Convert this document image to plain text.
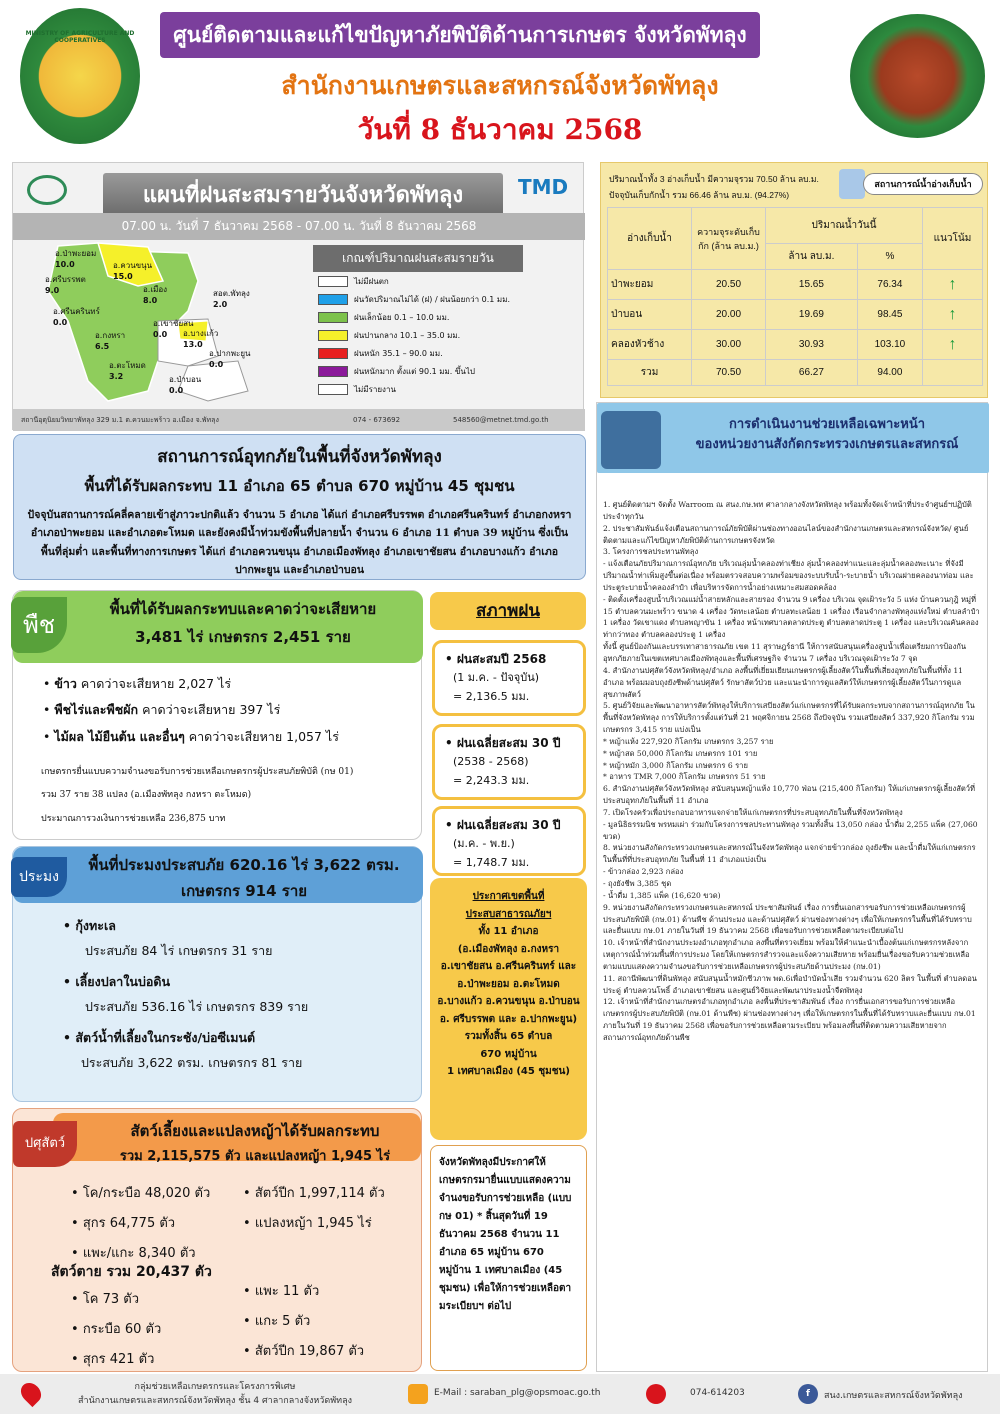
MINISTRY OF AGRICULTURE AND COOPERATIVES	ศูนย์ติดตามและแก้ไขปัญหาภัยพิบัติด้านการเกษตร จังหวัดพัทลุง
สำนักงานเกษตรและสหกรณ์จังหวัดพัทลุง
วันที่ 8 ธันวาคม 2568
แผนที่ฝนสะสมรายวันจังหวัดพัทลุง	TMD
07.00 น. วันที่ 7 ธันวาคม 2568 - 07.00 น. วันที่ 8 ธันวาคม 2568
อ.ป่าพะยอม
10.0	อ.ควนขนุน
15.0
อ.ศรีบรรพต
9.0	อ.เมือง
8.0
สอต.พัทลุง
2.0
อ.ศรีนครินทร์
0.0	อ.เขาชัยสน
0.0
อ.กงหรา
6.5
อ.บางแก้ว
13.0
อ.ปากพะยูน
0.0
อ.ตะโหมด
3.2	อ.ป่าบอน
0.0
เกณฑ์ปริมาณฝนสะสมรายวัน
ไม่มีฝนตก
ฝนวัดปริมาณไม่ได้ (ฝ) / ฝนน้อยกว่า 0.1 มม.
ฝนเล็กน้อย 0.1 – 10.0 มม.
ฝนปานกลาง 10.1 – 35.0 มม.
ฝนหนัก 35.1 – 90.0 มม.
ฝนหนักมาก ตั้งแต่ 90.1 มม. ขึ้นไป
ไม่มีรายงาน
สถานีอุตุนิยมวิทยาพัทลุง 329 ม.1 ต.ควนมะพร้าว อ.เมือง จ.พัทลุง	074 - 673692	548560@metnet.tmd.go.th
ปริมาณน้ำทั้ง 3 อ่างเก็บน้ำ มีความจุรวม 70.50 ล้าน ลบ.ม.
ปัจจุบันเก็บกักน้ำ รวม 66.46 ล้าน ลบ.ม. (94.27%)
สถานการณ์น้ำอ่างเก็บน้ำ
อ่างเก็บน้ำ	ความจุระดับเก็บกัก (ล้าน ลบ.ม.)	ปริมาณน้ำวันนี้		แนวโน้ม
		ล้าน ลบ.ม.	%	
ป่าพะยอม	20.50	15.65	76.34	↑
ป่าบอน	20.00	19.69	98.45	↑
คลองหัวช้าง	30.00	30.93	103.10	↑
รวม	70.50	66.27	94.00	
สถานการณ์อุทกภัยในพื้นที่จังหวัดพัทลุง
พื้นที่ได้รับผลกระทบ 11 อำเภอ 65 ตำบล 670 หมู่บ้าน 45 ชุมชน
ปัจจุบันสถานการณ์คลี่คลายเข้าสู่ภาวะปกติแล้ว จำนวน 5 อำเภอ ได้แก่ อำเภอศรีบรรพต อำเภอศรีนครินทร์ อำเภอกงหรา อำเภอป่าพะยอม และอำเภอตะโหมด และยังคงมีน้ำท่วมขังพื้นที่ปลายน้ำ จำนวน 6 อำเภอ 11 ตำบล 39 หมู่บ้าน ซึ่งเป็นพื้นที่ลุ่มต่ำ และพื้นที่ทางการเกษตร ได้แก่ อำเภอควนขนุน อำเภอเมืองพัทลุง อำเภอเขาชัยสน อำเภอบางแก้ว อำเภอปากพะยูน และอำเภอป่าบอน
พื้นที่ได้รับผลกระทบและคาดว่าจะเสียหาย
3,481 ไร่ เกษตรกร 2,451 ราย
พืช
• ข้าว คาดว่าจะเสียหาย 2,027 ไร่
• พืชไร่และพืชผัก คาดว่าจะเสียหาย 397 ไร่
• ไม้ผล ไม้ยืนต้น และอื่นๆ คาดว่าจะเสียหาย 1,057 ไร่
เกษตรกรยื่นแบบความจำนงขอรับการช่วยเหลือเกษตรกรผู้ประสบภัยพิบัติ (กษ 01)
รวม 37 ราย 38 แปลง (อ.เมืองพัทลุง กงหรา ตะโหมด)
ประมาณการวงเงินการช่วยเหลือ 236,875 บาท
พื้นที่ประมงประสบภัย 620.16 ไร่ 3,622 ตรม.
เกษตรกร 914 ราย
ประมง
• กุ้งทะเล
ประสบภัย 84 ไร่ เกษตรกร 31 ราย
• เลี้ยงปลาในบ่อดิน
ประสบภัย 536.16 ไร่ เกษตรกร 839 ราย
• สัตว์น้ำที่เลี้ยงในกระชัง/บ่อซีเมนต์
ประสบภัย 3,622 ตรม. เกษตรกร 81 ราย
สัตว์เลี้ยงและแปลงหญ้าได้รับผลกระทบ
รวม 2,115,575 ตัว และแปลงหญ้า 1,945 ไร่
ปศุสัตว์
• โค/กระบือ 48,020 ตัว
• สุกร 64,775 ตัว
• แพะ/แกะ 8,340 ตัว
• สัตว์ปีก 1,997,114 ตัว
• แปลงหญ้า 1,945 ไร่
สัตว์ตาย รวม 20,437 ตัว
• โค 73 ตัว
• กระบือ 60 ตัว
• สุกร 421 ตัว
• แพะ 11 ตัว
• แกะ 5 ตัว
• สัตว์ปีก 19,867 ตัว
สภาพฝน
• ฝนสะสมปี 2568
(1 ม.ค. - ปัจจุบัน)
= 2,136.5 มม.
• ฝนเฉลี่ยสะสม 30 ปี
(2538 - 2568)
= 2,243.3 มม.
• ฝนเฉลี่ยสะสม 30 ปี
(ม.ค. - พ.ย.)
= 1,748.7 มม.
ประกาศเขตพื้นที่
ประสบสาธารณภัยฯ
ทั้ง 11 อำเภอ
(อ.เมืองพัทลุง อ.กงหรา
อ.เขาชัยสน อ.ศรีนครินทร์ และ
อ.ป่าพะยอม อ.ตะโหมด
อ.บางแก้ว อ.ควนขนุน อ.ป่าบอน
อ. ศรีบรรพต และ อ.ปากพะยูน)
รวมทั้งสิ้น 65 ตำบล
670 หมู่บ้าน
1 เทศบาลเมือง (45 ชุมชน)
จังหวัดพัทลุงมีประกาศให้เกษตรกรมายื่นแบบแสดงความจำนงขอรับการช่วยเหลือ (แบบ กษ 01) * สิ้นสุดวันที่ 19 ธันวาคม 2568 จำนวน 11 อำเภอ 65 หมู่บ้าน 670 หมู่บ้าน 1 เทศบาลเมือง (45 ชุมชน) เพื่อให้การช่วยเหลือตามระเบียบฯ ต่อไป
การดำเนินงานช่วยเหลือเฉพาะหน้า
ของหน่วยงานสังกัดกระทรวงเกษตรและสหกรณ์
1. ศูนย์ติดตามฯ จัดตั้ง Warroom ณ สนง.กษ.พท ศาลากลางจังหวัดพัทลุง พร้อมทั้งจัดเจ้าหน้าที่ประจำศูนย์ฯปฏิบัติประจำทุกวัน
2. ประชาสัมพันธ์แจ้งเตือนสถานการณ์ภัยพิบัติผ่านช่องทางออนไลน์ของสำนักงานเกษตรและสหกรณ์จังหวัด/ ศูนย์ติดตามและแก้ไขปัญหาภัยพิบัติด้านการเกษตรจังหวัด
3. โครงการชลประทานพัทลุง
- แจ้งเตือนภัยปริมาณการณ์อุทกภัย บริเวณลุ่มน้ำคลองท่าเชียง ลุ่มน้ำคลองท่าแนะและลุ่มน้ำคลองพะเนาะ ที่จังมีปริมาณน้ำท่าเพิ่มสูงขึ้นต่อเนื่อง พร้อมตรวจสอบความพร้อมของระบบรับน้ำ-ระบายน้ำ บริเวณฝายคลองนาท่อม และประตูระบายน้ำคลองลำปำ เพื่อบริหารจัดการน้ำอย่างเหมาะสมสอดคล้อง
- ติดตั้งเครื่องสูบน้ำบริเวณแม่น้ำสายหลักและสายรอง จำนวน 9 เครื่อง บริเวณ จุดเฝ้าระวัง 5 แห่ง บ้านควนกุฎิ หมู่ที่ 15 ตำบลควนมะพร้าว ขนาด 4 เครื่อง วัดทะเลน้อย ตำบลทะเลน้อย 1 เครื่อง เรือนจำกลางพัทลุงแห่งใหม่ ตำบลลำปำ 1 เครื่อง วัดเขาแดง ตำบลพญาขัน 1 เครื่อง หน้าเทศบาลตลาดประตู ตำบลตลาดประตู 1 เครื่อง และบริเวณคันคลองท่ากว่าทอง ตำบลคลองประตู 1 เครื่อง
ทั้งนี้ ศูนย์ป้องกันและบรรเทาสาธารณภัย เขต 11 สุราษฎร์ธานี ให้การสนับสนุนเครื่องสูบน้ำเพื่อเตรียมการป้องกันอุทกภัยภายในเขตเทศบาลเมืองพัทลุงและพื้นที่เศรษฐกิจ จำนวน 7 เครื่อง บริเวณจุดเฝ้าระวัง 7 จุด
4. สำนักงานปศุสัตว์จังหวัดพัทลุง/อำเภอ ลงพื้นที่เยี่ยมเยียนเกษตรกรผู้เลี้ยงสัตว์ในพื้นที่เสี่ยงอุทกภัยในพื้นที่ทั้ง 11 อำเภอ พร้อมมอบถุงยังชีพด้านปศุสัตว์ รักษาสัตว์ป่วย และแนะนำการดูแลสัตว์ให้เกษตรกรผู้เลี้ยงสัตว์ในการดูแลสุขภาพสัตว์
5. ศูนย์วิจัยและพัฒนาอาหารสัตว์พัทลุงให้บริการเสบียงสัตว์แก่เกษตรกรที่ได้รับผลกระทบจากสถานการณ์อุทกภัย ในพื้นที่จังหวัดพัทลุง การให้บริการตั้งแต่วันที่ 21 พฤศจิกายน 2568 ถึงปัจจุบัน รวมเสบียงสัตว์ 337,920 กิโลกรัม รวมเกษตรกร 3,415 ราย แบ่งเป็น
* หญ้าแห้ง 227,920 กิโลกรัม เกษตรกร 3,257 ราย
* หญ้าสด 50,000 กิโลกรัม เกษตรกร 101 ราย
* หญ้าหมัก 3,000 กิโลกรัม เกษตรกร 6 ราย
* อาหาร TMR 7,000 กิโลกรัม เกษตรกร 51 ราย
6. สำนักงานปศุสัตว์จังหวัดพัทลุง สนับสนุนหญ้าแห้ง 10,770 ฟ่อน (215,400 กิโลกรัม) ให้แก่เกษตรกรผู้เลี้ยงสัตว์ที่ประสบอุทกภัยในพื้นที่ 11 อำเภอ
7. เปิดโรงครัวเพื่อประกอบอาหารแจกจ่ายให้แก่เกษตรกรที่ประสบอุทกภัยในพื้นที่จังหวัดพัทลุง
- มูลนิธิธรรมนิช พรหมเผ่า ร่วมกับโครงการชลประทานพัทลุง รวมทั้งสิ้น 13,050 กล่อง น้ำดื่ม 2,255 แพ็ค (27,060 ขวด)
8. หน่วยงานสังกัดกระทรวงเกษตรและสหกรณ์ในจังหวัดพัทลุง แจกจ่ายข้าวกล่อง ถุงยังชีพ และน้ำดื่มให้แก่เกษตรกรในพื้นที่ที่ประสบอุทกภัย ในพื้นที่ 11 อำเภอแบ่งเป็น
- ข้าวกล่อง 2,923 กล่อง
- ถุงยังชีพ 3,385 ชุด
- น้ำดื่ม 1,385 แพ็ค (16,620 ขวด)
9. หน่วยงานสังกัดกระทรวงเกษตรและสหกรณ์ ประชาสัมพันธ์ เรื่อง การยื่นเอกสารขอรับการช่วยเหลือเกษตรกรผู้ประสบภัยพิบัติ (กษ.01) ด้านพืช ด้านประมง และด้านปศุสัตว์ ผ่านช่องทางต่างๆ เพื่อให้เกษตรกรในพื้นที่ได้รับทราบและยื่นแบบ กษ.01 ภายในวันที่ 19 ธันวาคม 2568 เพื่อขอรับการช่วยเหลือตามระเบียบต่อไป
10. เจ้าหน้าที่สำนักงานประมงอำเภอทุกอำเภอ ลงพื้นที่ตรวจเยี่ยม พร้อมให้คำแนะนำเบื้องต้นแก่เกษตรกรหลังจากเหตุการณ์น้ำท่วมพื้นที่การประมง โดยให้เกษตรกรสำรวจและแจ้งความเสียหาย พร้อมยื่นเรื่องขอรับความช่วยเหลือตามแบบแสดงความจำนงขอรับการช่วยเหลือเกษตรกรผู้ประสบภัยด้านประมง (กษ.01)
11. สถานีพัฒนาที่ดินพัทลุง สนับสนุนน้ำหมักชีวภาพ พด.6เพื่อบำบัดน้ำเสีย รวมจำนวน 620 ลิตร ในพื้นที่ ตำบลดอนประดู่ ตำบลควนโพธิ์ อำเภอเขาชัยสน และศูนย์วิจัยและพัฒนาประมงน้ำจืดพัทลุง
12. เจ้าหน้าที่สำนักงานเกษตรอำเภอทุกอำเภอ ลงพื้นที่ประชาสัมพันธ์ เรื่อง การยื่นเอกสารขอรับการช่วยเหลือเกษตรกรผู้ประสบภัยพิบัติ (กษ.01 ด้านพืช) ผ่านช่องทางต่างๆ เพื่อให้เกษตรกรในพื้นที่ได้รับทราบและยื่นแบบ กษ.01 ภายในวันที่ 19 ธันวาคม 2568 เพื่อขอรับการช่วยเหลือตามระเบียบ พร้อมลงพื้นที่ติดตามความเสียหายจากสถานการณ์อุทกภัยด้านพืช
กลุ่มช่วยเหลือเกษตรกรและโครงการพิเศษ
สำนักงานเกษตรและสหกรณ์จังหวัดพัทลุง ชั้น 4 ศาลากลางจังหวัดพัทลุง
E-Mail : saraban_plg@opsmoac.go.th	074-614203	f	สนง.เกษตรและสหกรณ์จังหวัดพัทลุง
